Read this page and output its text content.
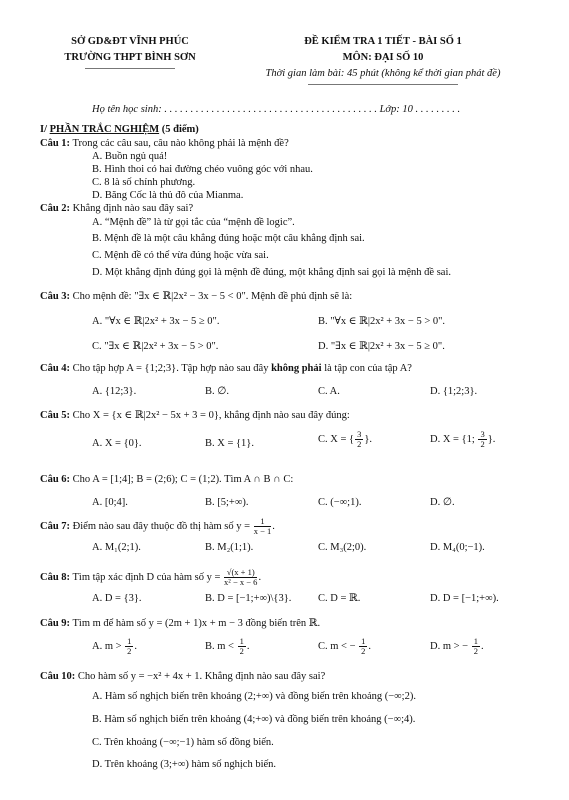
SỞ GD&ĐT VĨNH PHÚC
TRƯỜNG THPT BÌNH SƠN
ĐỀ KIỂM TRA 1 TIẾT - BÀI SỐ 1
MÔN: ĐẠI SỐ 10
Thời gian làm bài: 45 phút (không kể thời gian phát đề)
Họ tên học sinh: . . . . . . . . . . . . . . . . . . . . . . . . . . . . . . . . . . . . . . . . . Lớp: 10 . . . . . . . . .
I/ PHẦN TRẮC NGHIỆM (5 điểm)
Câu 1: Trong các câu sau, câu nào không phải là mệnh đề?
A. Buồn ngủ quá!
B. Hình thoi có hai đường chéo vuông góc với nhau.
C. 8 là số chính phương.
D. Băng Cốc là thủ đô của Mianma.
Câu 2: Khẳng định nào sau đây sai?
A. “Mệnh đề” là từ gọi tắc của “mệnh đề logic”.
B. Mệnh đề là một câu khẳng đúng hoặc một câu khẳng định sai.
C. Mệnh đề có thể vừa đúng hoặc vừa sai.
D. Một khẳng định đúng gọi là mệnh đề đúng, một khẳng định sai gọi là mệnh đề sai.
Câu 3: Cho mệnh đề: "∃x ∈ ℝ|2x² − 3x − 5 < 0". Mệnh đề phủ định sẽ là:
A. "∀x ∈ ℝ|2x² + 3x − 5 ≥ 0".	B. "∀x ∈ ℝ|2x² + 3x − 5 > 0".
C. "∃x ∈ ℝ|2x² + 3x − 5 > 0".	D. "∃x ∈ ℝ|2x² + 3x − 5 ≥ 0".
Câu 4: Cho tập hợp A = {1;2;3}. Tập hợp nào sau đây không phải là tập con của tập A?
A. {12;3}.	B. ∅.	C. A.	D. {1;2;3}.
Câu 5: Cho X = {x ∈ ℝ|2x² − 5x + 3 = 0}, khẳng định nào sau đây đúng:
A. X = {0}.	B. X = {1}.	C. X = { $\frac{3}{2}$ }.	D. X = {1; $\frac{3}{2}$ }.
Câu 6: Cho A = [1;4]; B = (2;6); C = (1;2). Tìm A ∩ B ∩ C:
A. [0;4].	B. [5;+∞).	C. (−∞;1).	D. ∅.
Câu 7: Điểm nào sau đây thuộc đồ thị hàm số $y = \frac{1}{x - 1}$ .
A. M₁(2;1).	B. M₂(1;1).	C. M₃(2;0).	D. M₄(0;−1).
Câu 8: Tìm tập xác định D của hàm số $y = \frac{√(x + 1)}{\text{x² − x − 6}}$ .
A. D = {3}.	B. D = [−1;+∞)\{3}.	C. D = ℝ.	D. D = [−1;+∞).
Câu 9: Tìm m để hàm số y = (2m + 1)x + m − 3 đồng biến trên ℝ.
A. $m > \frac{1}{2}$ .	B. $m < \frac{1}{2}$ .	C. m < − $\frac{1}{2}$ .	D. m > − $\frac{1}{2}$ .
Câu 10: Cho hàm số y = −x² + 4x + 1. Khẳng định nào sau đây sai?
A. Hàm số nghịch biến trên khoảng (2;+∞) và đồng biến trên khoảng (−∞;2).
B. Hàm số nghịch biến trên khoảng (4;+∞) và đồng biến trên khoảng (−∞;4).
C. Trên khoảng (−∞;−1) hàm số đồng biến.
D. Trên khoảng (3;+∞) hàm số nghịch biến.
